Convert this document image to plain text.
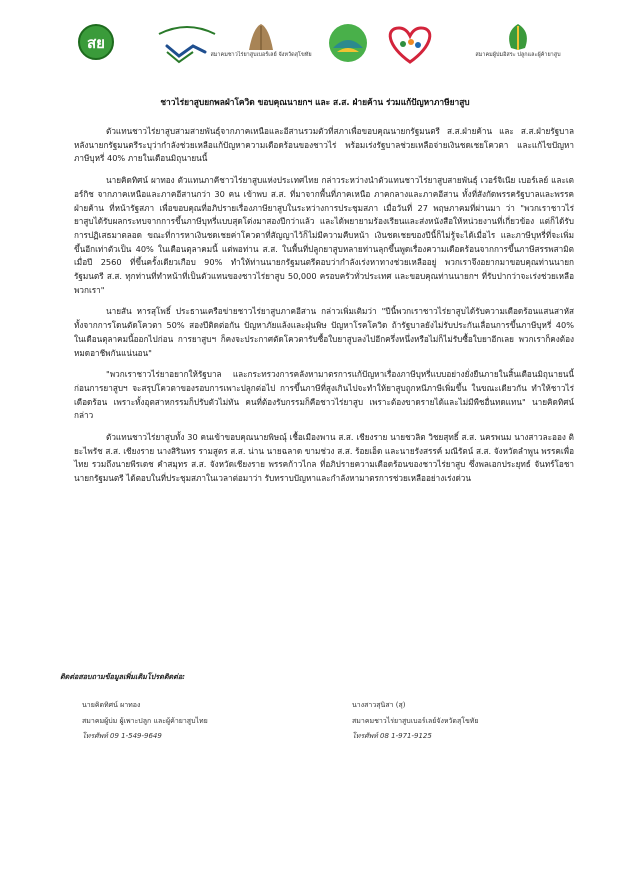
สย
สมาคมชาวไร่ยาสูบเบอร์เลย์ จังหวัดสุโขทัย	สมาคมผู้บ่มอิสระ ปลูกและผู้ค้ายาสูบ
ชาวไร่ยาสูบยกพลฝ่าโควิด ขอบคุณนายกฯ และ ส.ส. ฝ่ายค้าน ร่วมแก้ปัญหาภาษียาสูบ

ตัวแทนชาวไร่ยาสูบสามสายพันธุ์จากภาคเหนือและอีสานรวมตัวที่สภาเพื่อขอบคุณนายกรัฐมนตรี ส.ส.ฝ่ายค้าน และ ส.ส.ฝ่ายรัฐบาล หลังนายกรัฐมนตรีระบุว่ากำลังช่วยเหลือแก้ปัญหาความเดือดร้อนของชาวไร่ พร้อมเร่งรัฐบาลช่วยเหลือจ่ายเงินชดเชยโควตา และแก้ไขปัญหาภาษีบุหรี่ 40% ภายในเดือนมิถุนายนนี้

นายคิดทิศน์ ผาทอง ตัวแทนภาคีชาวไร่ยาสูบแห่งประเทศไทย กล่าวระหว่างนำตัวแทนชาวไร่ยาสูบสายพันธุ์ เวอร์จิเนีย เบอร์เลย์ และเตอร์กิช จากภาคเหนือและภาคอีสานกว่า 30 คน เข้าพบ ส.ส. ที่มาจากพื้นที่ภาคเหนือ ภาคกลางและภาคอีสาน ทั้งที่สังกัดพรรครัฐบาลและพรรคฝ่ายค้าน ที่หน้ารัฐสภา เพื่อขอบคุณที่อภิปรายเรื่องภาษียาสูบในระหว่างการประชุมสภา เมื่อวันที่ 27 พฤษภาคมที่ผ่านมา ว่า "พวกเราชาวไร่ยาสูบได้รับผลกระทบจากการขึ้นภาษีบุหรี่แบบสุดโต่งมาสองปีกว่าแล้ว และได้พยายามร้องเรียนและส่งหนังสือให้หน่วยงานที่เกี่ยวข้อง แต่ก็ได้รับการปฏิเสธมาตลอด ขณะที่การหาเงินชดเชยค่าโควตาที่สัญญาไว้ก็ไม่มีความคืบหน้า เงินชดเชยของปีนี้ก็ไม่รู้จะได้เมื่อไร และภาษีบุหรี่ที่จะเพิ่มขึ้นอีกเท่าตัวเป็น 40% ในเดือนตุลาคมนี้ แต่พอท่าน ส.ส. ในพื้นที่ปลูกยาสูบหลายท่านลุกขึ้นพูดเรื่องความเดือดร้อนจากการขึ้นภาษีสรรพสามิตเมื่อปี 2560 ที่ขึ้นครั้งเดียวเกือบ 90% ทำให้ท่านนายกรัฐมนตรีตอบว่ากำลังเร่งหาทางช่วยเหลืออยู่ พวกเราจึงอยากมาขอบคุณท่านนายกรัฐมนตรี ส.ส. ทุกท่านที่ทำหน้าที่เป็นตัวแทนของชาวไร่ยาสูบ 50,000 ครอบครัวทั่วประเทศ และขอบคุณท่านนายกฯ ที่รับปากว่าจะเร่งช่วยเหลือพวกเรา"

นายสัน หารสุโพธิ์ ประธานเครือข่ายชาวไร่ยาสูบภาคอีสาน กล่าวเพิ่มเติมว่า "ปีนี้พวกเราชาวไร่ยาสูบได้รับความเดือดร้อนแสนสาหัส ทั้งจากการโดนตัดโควตา 50% สองปีติดต่อกัน ปัญหาภัยแล้งและฝุ่นพิษ ปัญหาโรคโควิด ถ้ารัฐบาลยังไม่รับประกันเลื่อนการขึ้นภาษีบุหรี่ 40% ในเดือนตุลาคมนี้ออกไปก่อน การยาสูบฯ ก็คงจะประกาศตัดโควตารับซื้อใบยาสูบลงไปอีกครึ่งหนึ่งหรือไม่ก็ไม่รับซื้อใบยาอีกเลย พวกเราก็คงต้องหมดอาชีพกันแน่นอน"

"พวกเราชาวไร่ยาอยากให้รัฐบาล และกระทรวงการคลังหามาตรการแก้ปัญหาเรื่องภาษีบุหรี่แบบอย่างยั่งยืนภายในสิ้นเดือนมิถุนายนนี้ ก่อนการยาสูบฯ จะสรุปโควตาของรอบการเพาะปลูกต่อไป การขึ้นภาษีที่สูงเกินไปจะทำให้ยาสูบถูกหนีภาษีเพิ่มขึ้น ในขณะเดียวกัน ทำให้ชาวไร่เดือดร้อน เพราะทั้งอุตสาหกรรมก็ปรับตัวไม่ทัน คนที่ต้องรับกรรมก็คือชาวไร่ยาสูบ เพราะต้องขาดรายได้และไม่มีพืชอื่นทดแทน" นายคิดทิศน์ กล่าว

ตัวแทนชาวไร่ยาสูบทั้ง 30 คนเข้าขอบคุณนายพิษณุ์ เชื้อเมืองพาน ส.ส. เชียงราย นายชวลิต วิชยสุทธิ์ ส.ส. นครพนม นางสาวละออง ติยะไพรัช ส.ส. เชียงราย นางสิรินทร รามสูตร ส.ส. น่าน นายฉลาด ขามช่วง ส.ส. ร้อยเอ็ด และนายรังสรรค์ มณีรัตน์ ส.ส. จังหวัดลำพูน พรรคเพื่อไทย รวมถึงนายพีรเดช คำสมุทร ส.ส. จังหวัดเชียงราย พรรคก้าวไกล ที่อภิปรายความเดือดร้อนของชาวไร่ยาสูบ ซึ่งพลเอกประยุทธ์ จันทร์โอชา นายกรัฐมนตรี ได้ตอบในที่ประชุมสภาในเวลาต่อมาว่า รับทราบปัญหาและกำลังหามาตรการช่วยเหลืออย่างเร่งด่วน

ติดต่อสอบถามข้อมูลเพิ่มเติมโปรดติดต่อ:
นายคิดทิศน์ ผาทอง
สมาคมผู้บ่ม ผู้เพาะปลูก และผู้ค้ายาสูบไทย
โทรศัพท์ 09 1-549-9649
นางสาวสุนิสา (สุ)
สมาคมชาวไร่ยาสูบเบอร์เลย์จังหวัดสุโขทัย
โทรศัพท์ 08 1-971-9125
